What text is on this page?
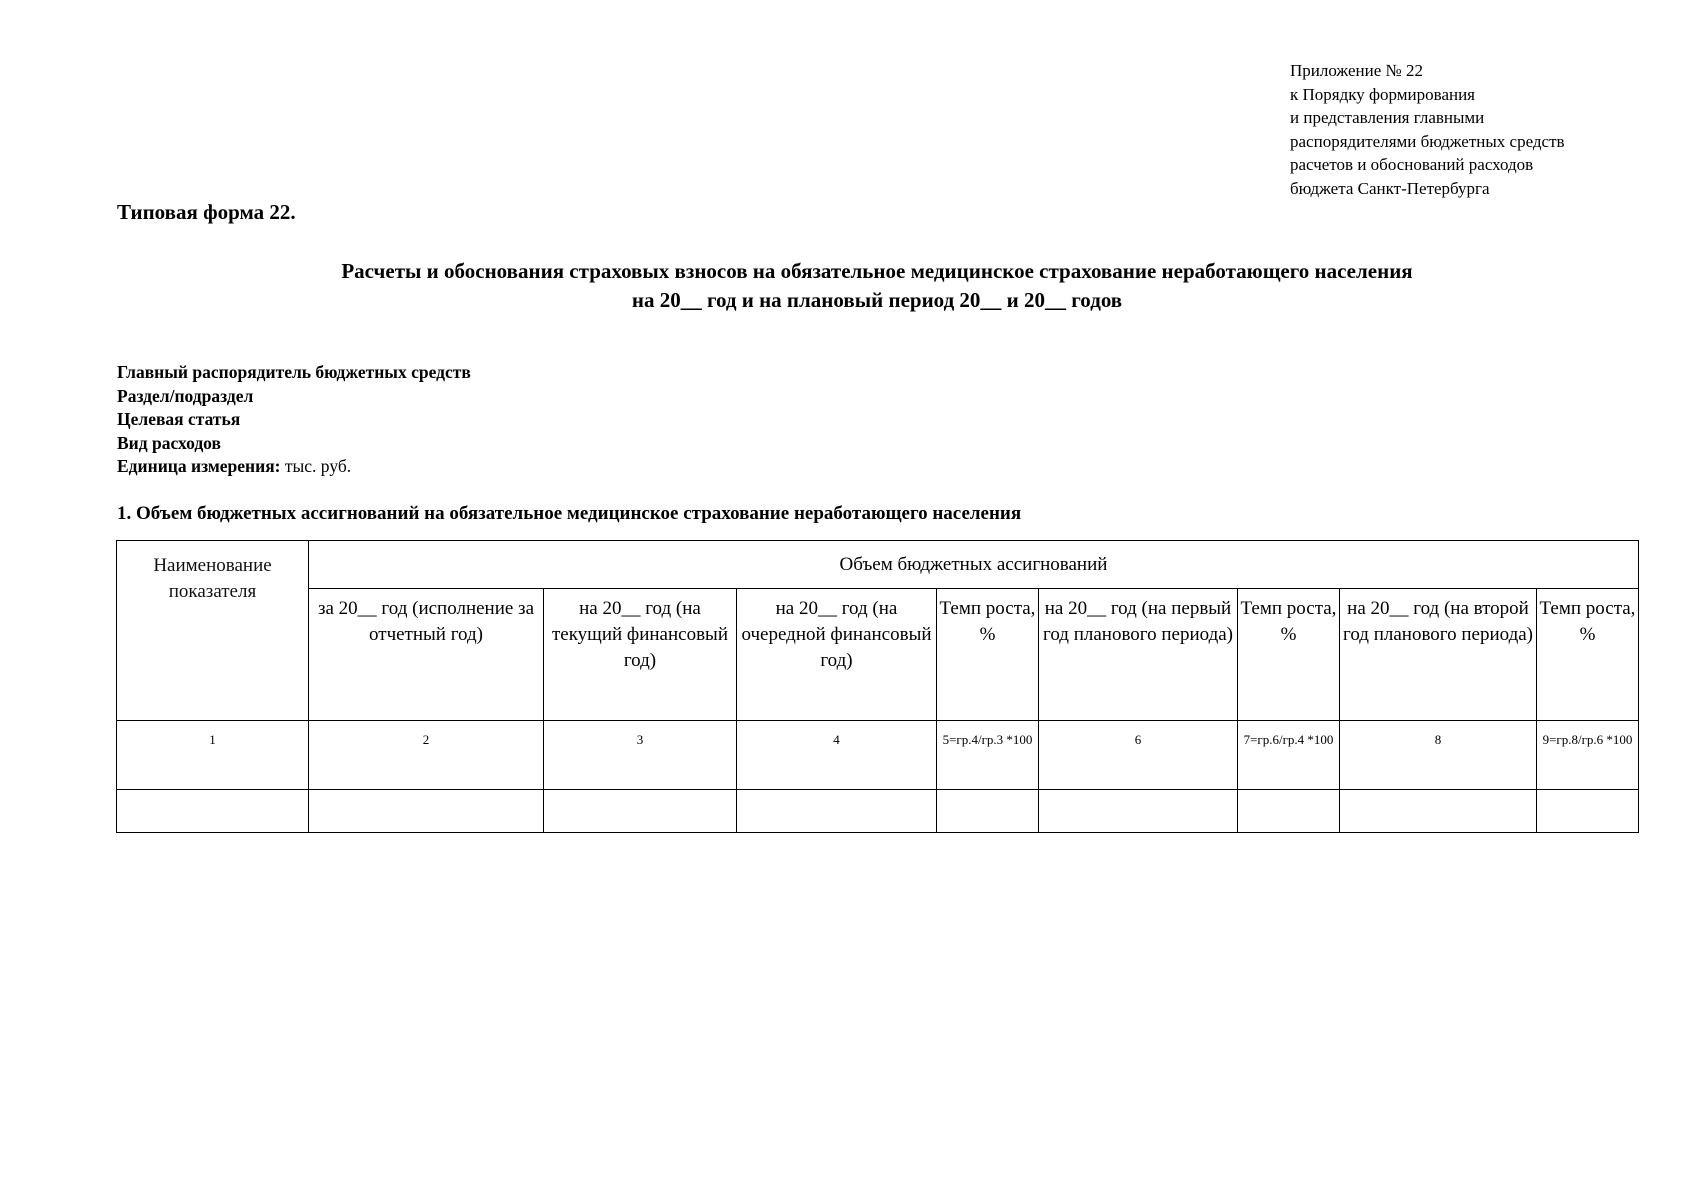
Приложение № 22
к Порядку формирования
и представления главными
распорядителями бюджетных средств
расчетов и обоснований расходов
бюджета Санкт-Петербурга
Типовая форма 22.
Расчеты и обоснования страховых взносов на обязательное медицинское страхование неработающего населения
на 20__ год и на плановый период 20__ и 20__ годов
Главный распорядитель бюджетных средств
Раздел/подраздел
Целевая статья
Вид расходов
Единица измерения: тыс. руб.
1. Объем бюджетных ассигнований на обязательное медицинское страхование неработающего населения
Наименование показателя	Объем бюджетных ассигнований							
	за 20__ год (исполнение за отчетный год)	на 20__ год (на текущий финансовый год)	на 20__ год (на очередной финансовый год)	Темп роста, %	на 20__ год (на первый год планового периода)	Темп роста, %	на 20__ год (на второй год планового периода)	Темп роста, %
1	2	3	4	5=гр.4/гр.3 *100	6	7=гр.6/гр.4 *100	8	9=гр.8/гр.6 *100
